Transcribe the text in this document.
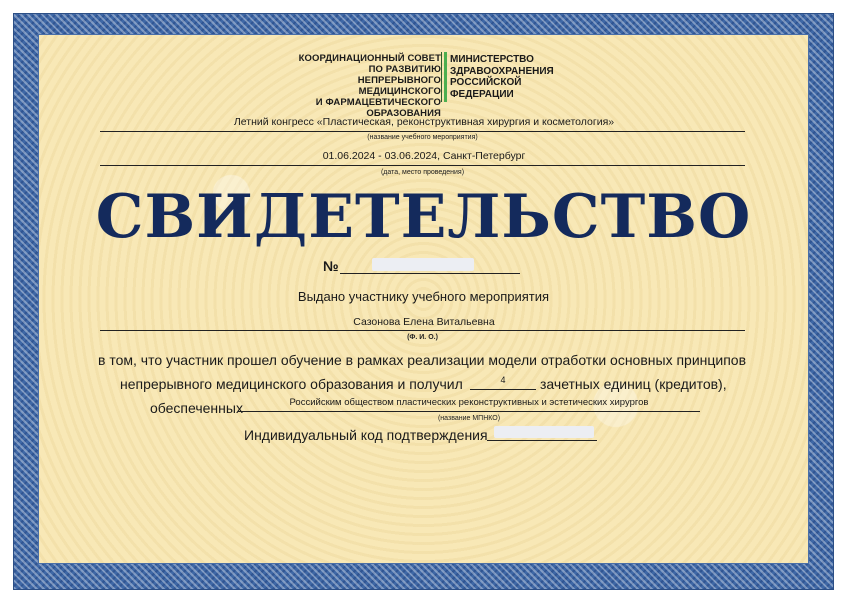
КООРДИНАЦИОННЫЙ СОВЕТ
ПО РАЗВИТИЮ НЕПРЕРЫВНОГО
МЕДИЦИНСКОГО
И ФАРМАЦЕВТИЧЕСКОГО
ОБРАЗОВАНИЯ
МИНИСТЕРСТВО
ЗДРАВООХРАНЕНИЯ
РОССИЙСКОЙ
ФЕДЕРАЦИИ
Летний конгресс «Пластическая, реконструктивная хирургия и косметология»
(название учебного мероприятия)
01.06.2024 - 03.06.2024, Санкт-Петербург
(дата, место проведения)
СВИДЕТЕЛЬСТВО
№
Выдано участнику учебного мероприятия
Сазонова Елена Витальевна
(Ф. И. О.)
в том, что участник прошел обучение в рамках реализации модели отработки основных принципов
непрерывного медицинского образования и получил	4	зачетных единиц (кредитов),
обеспеченных	Российским обществом пластических реконструктивных и эстетических хирургов
(название МПНКО)
Индивидуальный код подтверждения
